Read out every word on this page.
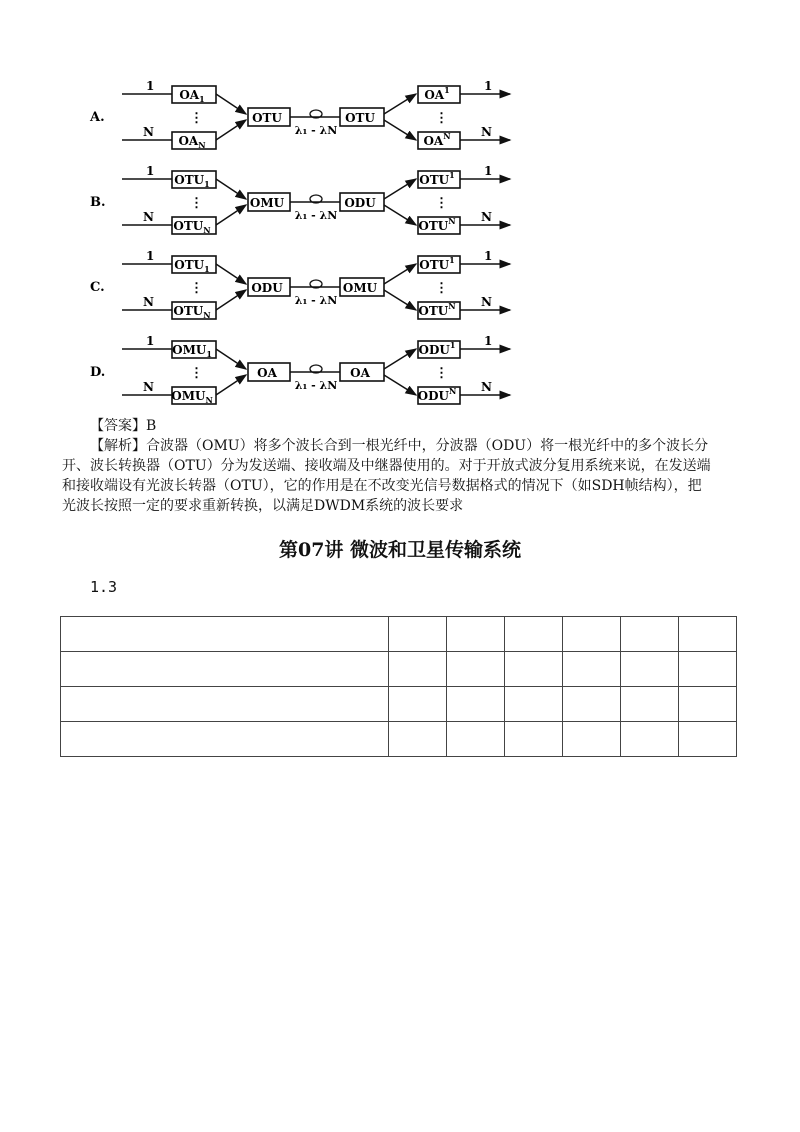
A.
1
N
$OA_1$
$OA_N$
⋮	OTU
λ₁ - λN
OTU
$OA^1$
$OA^N$
⋮
1
N
B.
1
N
$OTU_1$
$OTU_N$
⋮	OMU
λ₁ - λN
ODU
OTU$^1$
$OTU^N$
⋮
1
N
C.
1
N
$OTU_1$
$OTU_N$
⋮	ODU
λ₁ - λN
OMU
OTU$^1$
$OTU^N$
⋮
1
N
D.
1
N
$OMU_1$
$OMU_N$
⋮	OA
λ₁ - λN
OA
ODU$^1$
$ODU^N$
⋮
1
N
【答案】B
【解析】合波器（OMU）将多个波长合到一根光纤中，分波器（ODU）将一根光纤中的多个波长分
开、波长转换器（OTU）分为发送端、接收端及中继器使用的。对于开放式波分复用系统来说，在发送端
和接收端设有光波长转器（OTU），它的作用是在不改变光信号数据格式的情况下（如SDH帧结构），把
光波长按照一定的要求重新转换，以满足DWDM系统的波长要求
第07讲 微波和卫星传输系统
1.3
